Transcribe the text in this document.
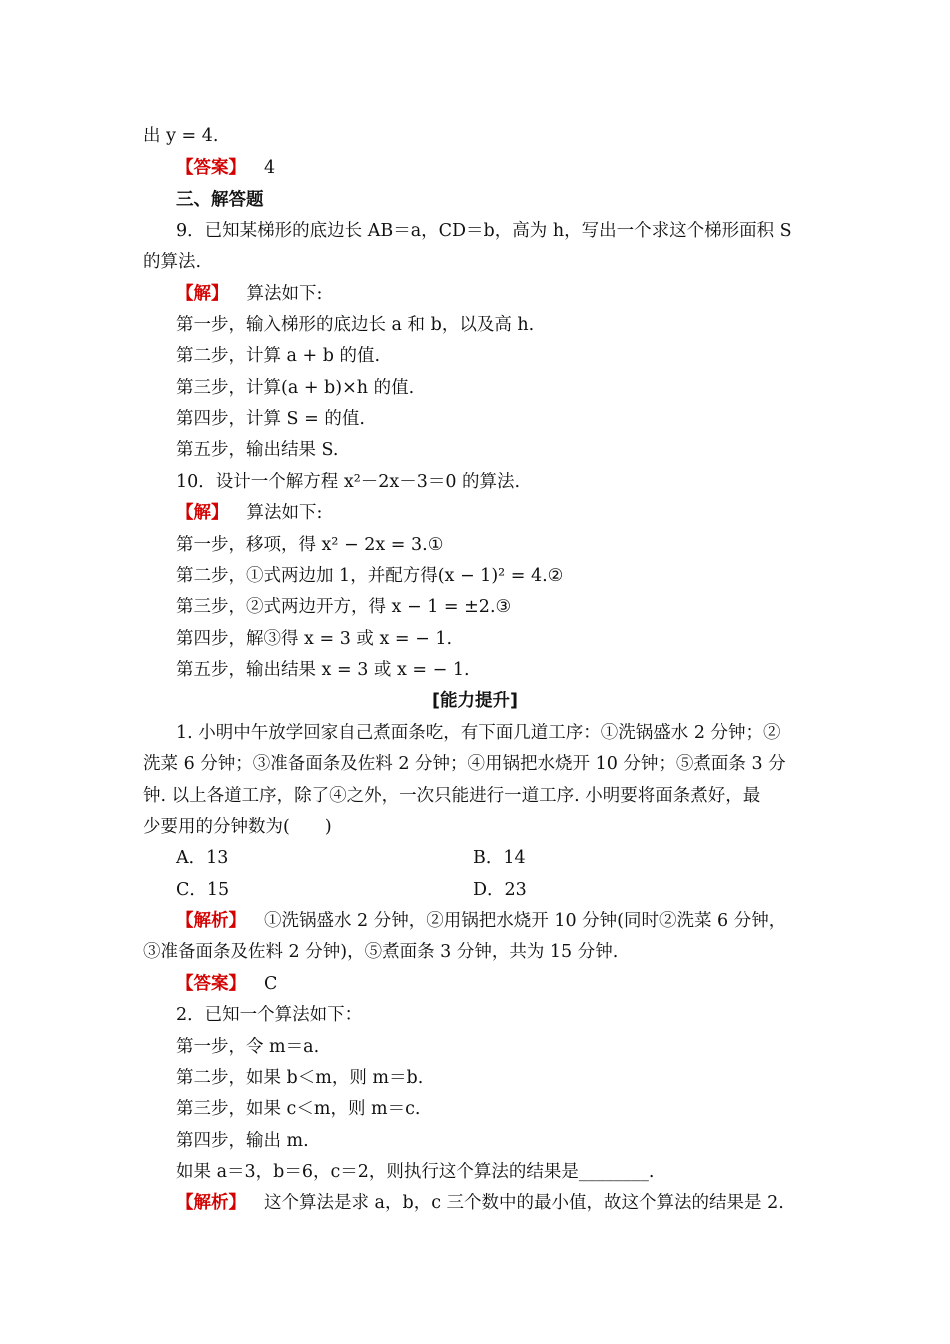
出 y = 4.
【答案】 4
三、解答题
9．已知某梯形的底边长 AB＝a，CD＝b，高为 h，写出一个求这个梯形面积 S
的算法.
【解】 算法如下:
第一步，输入梯形的底边长 a 和 b，以及高 h.
第二步，计算 a + b 的值.
第三步，计算(a + b)×h 的值.
第四步，计算 S = 的值.
第五步，输出结果 S.
10．设计一个解方程 x²－2x－3＝0 的算法.
【解】 算法如下:
第一步，移项，得 x² − 2x = 3.①
第二步，①式两边加 1，并配方得(x − 1)² = 4.②
第三步，②式两边开方，得 x − 1 = ±2.③
第四步，解③得 x = 3 或 x = − 1.
第五步，输出结果 x = 3 或 x = − 1.
[能力提升]
1. 小明中午放学回家自己煮面条吃，有下面几道工序：①洗锅盛水 2 分钟；②
洗菜 6 分钟；③准备面条及佐料 2 分钟；④用锅把水烧开 10 分钟；⑤煮面条 3 分
钟. 以上各道工序，除了④之外，一次只能进行一道工序. 小明要将面条煮好，最
少要用的分钟数为(　　)
A．13	B．14
C．15	D．23
【解析】 ①洗锅盛水 2 分钟，②用锅把水烧开 10 分钟(同时②洗菜 6 分钟，
③准备面条及佐料 2 分钟)，⑤煮面条 3 分钟，共为 15 分钟.
【答案】 C
2．已知一个算法如下：
第一步，令 m＝a.
第二步，如果 b＜m，则 m＝b.
第三步，如果 c＜m，则 m＝c.
第四步，输出 m.
如果 a＝3，b＝6，c＝2，则执行这个算法的结果是________.
【解析】 这个算法是求 a，b，c 三个数中的最小值，故这个算法的结果是 2.
